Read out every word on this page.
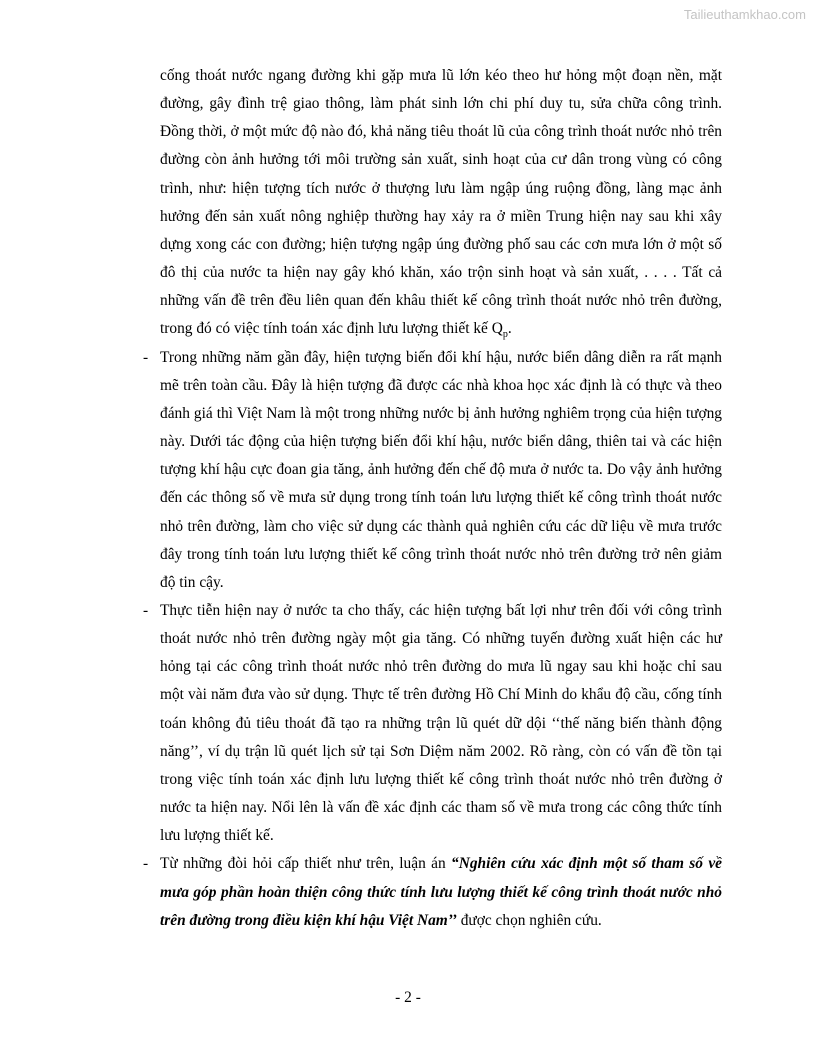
Tailieuthamkhao.com

cống thoát nước ngang đường khi gặp mưa lũ lớn kéo theo hư hỏng một đoạn nền, mặt đường, gây đình trệ giao thông, làm phát sinh lớn chi phí duy tu, sửa chữa công trình. Đồng thời, ở một mức độ nào đó, khả năng tiêu thoát lũ của công trình thoát nước nhỏ trên đường còn ảnh hưởng tới môi trường sản xuất, sinh hoạt của cư dân trong vùng có công trình, như: hiện tượng tích nước ở thượng lưu làm ngập úng ruộng đồng, làng mạc ảnh hưởng đến sản xuất nông nghiệp thường hay xảy ra ở miền Trung hiện nay sau khi xây dựng xong các con đường; hiện tượng ngập úng đường phố sau các cơn mưa lớn ở một số đô thị của nước ta hiện nay gây khó khăn, xáo trộn sinh hoạt và sản xuất, . . . . Tất cả những vấn đề trên đều liên quan đến khâu thiết kế công trình thoát nước nhỏ trên đường, trong đó có việc tính toán xác định lưu lượng thiết kế $Q_p$.

- Trong những năm gần đây, hiện tượng biến đổi khí hậu, nước biển dâng diễn ra rất mạnh mẽ trên toàn cầu. Đây là hiện tượng đã được các nhà khoa học xác định là có thực và theo đánh giá thì Việt Nam là một trong những nước bị ảnh hưởng nghiêm trọng của hiện tượng này. Dưới tác động của hiện tượng biến đổi khí hậu, nước biển dâng, thiên tai và các hiện tượng khí hậu cực đoan gia tăng, ảnh hưởng đến chế độ mưa ở nước ta. Do vậy ảnh hưởng đến các thông số về mưa sử dụng trong tính toán lưu lượng thiết kế công trình thoát nước nhỏ trên đường, làm cho việc sử dụng các thành quả nghiên cứu các dữ liệu về mưa trước đây trong tính toán lưu lượng thiết kế công trình thoát nước nhỏ trên đường trở nên giảm độ tin cậy.

- Thực tiễn hiện nay ở nước ta cho thấy, các hiện tượng bất lợi như trên đối với công trình thoát nước nhỏ trên đường ngày một gia tăng. Có những tuyến đường xuất hiện các hư hỏng tại các công trình thoát nước nhỏ trên đường do mưa lũ ngay sau khi hoặc chỉ sau một vài năm đưa vào sử dụng. Thực tế trên đường Hồ Chí Minh do khẩu độ cầu, cống tính toán không đủ tiêu thoát đã tạo ra những trận lũ quét dữ dội ‘‘thế năng biến thành động năng’’, ví dụ trận lũ quét lịch sử tại Sơn Diệm năm 2002. Rõ ràng, còn có vấn đề tồn tại trong việc tính toán xác định lưu lượng thiết kế công trình thoát nước nhỏ trên đường ở nước ta hiện nay. Nổi lên là vấn đề xác định các tham số về mưa trong các công thức tính lưu lượng thiết kế.

- Từ những đòi hỏi cấp thiết như trên, luận án “Nghiên cứu xác định một số tham số về mưa góp phần hoàn thiện công thức tính lưu lượng thiết kế công trình thoát nước nhỏ trên đường trong điều kiện khí hậu Việt Nam’’ được chọn nghiên cứu.

- 2 -
